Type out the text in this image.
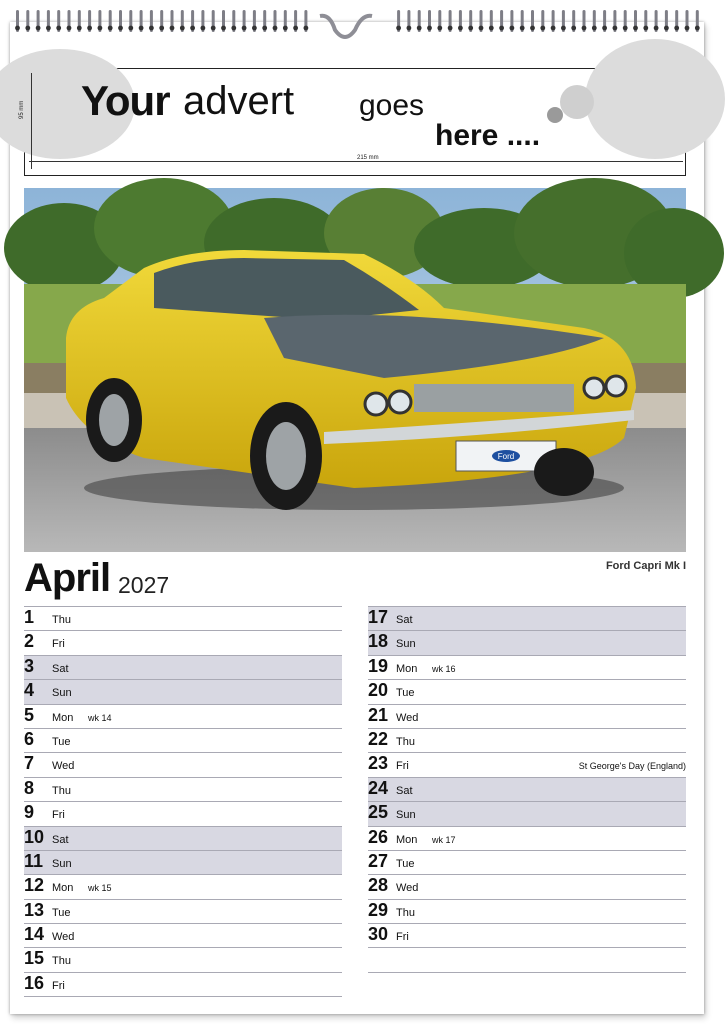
95 mm
215 mm
Your advert goes
here ....
Ford
Ford Capri Mk I
April 2027
1 Thu
2 Fri
3 Sat
4 Sun
5 Mon wk 14
6 Tue
7 Wed
8 Thu
9 Fri
10 Sat
11 Sun
12 Mon wk 15
13 Tue
14 Wed
15 Thu
16 Fri
17 Sat
18 Sun
19 Mon wk 16
20 Tue
21 Wed
22 Thu
23 Fri	St George's Day (England)
24 Sat
25 Sun
26 Mon wk 17
27 Tue
28 Wed
29 Thu
30 Fri
